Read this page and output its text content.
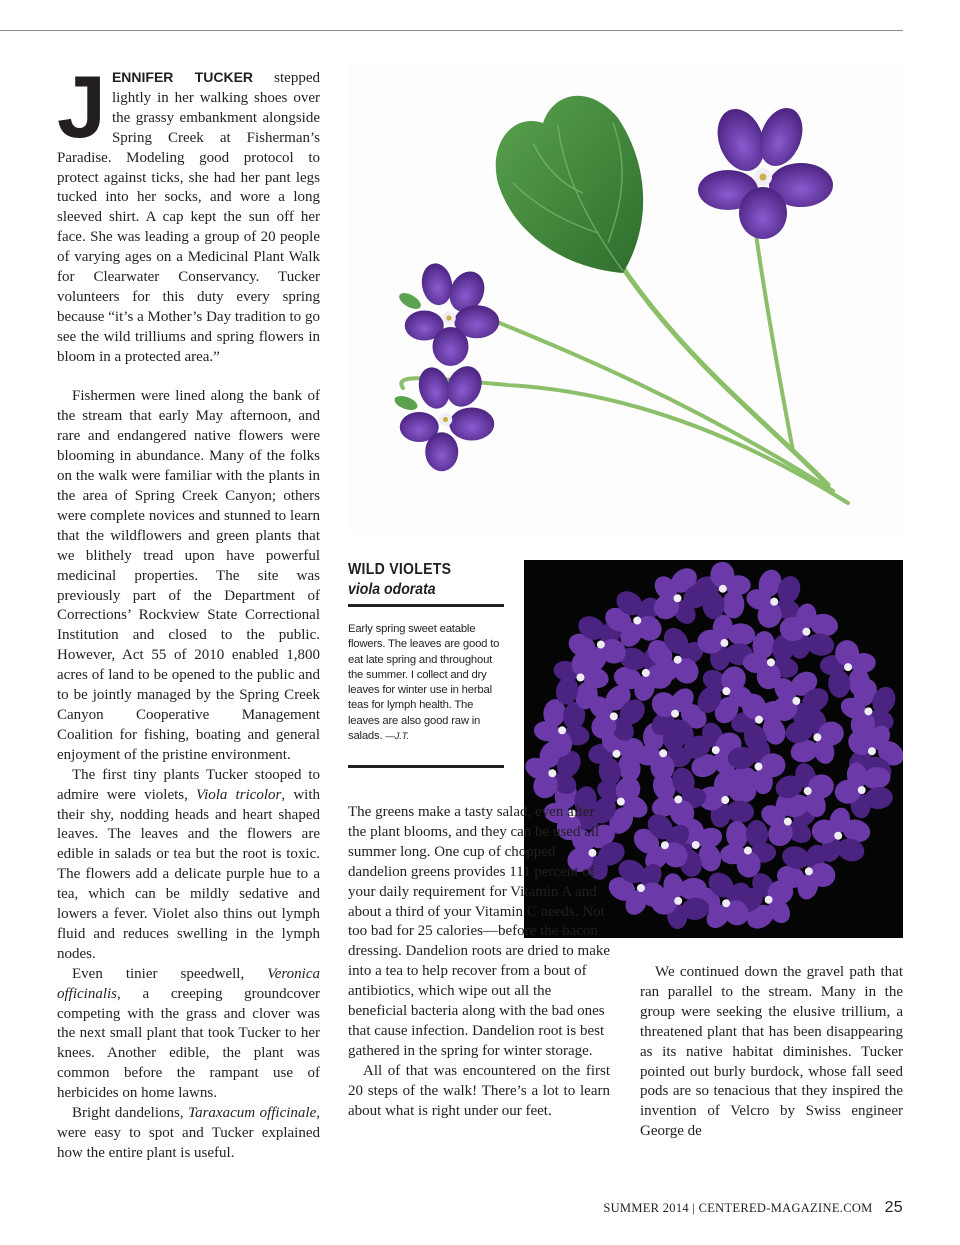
JENNIFER TUCKER stepped lightly in her walking shoes over the grassy embankment alongside Spring Creek at Fisherman’s Paradise. Modeling good protocol to protect against ticks, she had her pant legs tucked into her socks, and wore a long sleeved shirt. A cap kept the sun off her face. She was leading a group of 20 people of varying ages on a Medicinal Plant Walk for Clearwater Conservancy. Tucker volunteers for this duty every spring because “it’s a Mother’s Day tradition to go see the wild trilliums and spring flowers in bloom in a protected area.”

Fishermen were lined along the bank of the stream that early May afternoon, and rare and endangered native flowers were blooming in abundance. Many of the folks on the walk were familiar with the plants in the area of Spring Creek Canyon; others were complete novices and stunned to learn that the wildflowers and green plants that we blithely tread upon have powerful medicinal properties. The site was previously part of the Department of Corrections’ Rockview State Correctional Institution and closed to the public. However, Act 55 of 2010 enabled 1,800 acres of land to be opened to the public and to be jointly managed by the Spring Creek Canyon Cooperative Management Coalition for fishing, boating and general enjoyment of the pristine environment.

The first tiny plants Tucker stooped to admire were violets, Viola tricolor, with their shy, nodding heads and heart shaped leaves. The leaves and the flowers are edible in salads or tea but the root is toxic. The flowers add a delicate purple hue to a tea, which can be mildly sedative and lowers a fever. Violet also thins out lymph fluid and reduces swelling in the lymph nodes.

Even tinier speedwell, Veronica officinalis, a creeping groundcover competing with the grass and clover was the next small plant that took Tucker to her knees. Another edible, the plant was common before the rampant use of herbicides on home lawns.

Bright dandelions, Taraxacum officinale, were easy to spot and Tucker explained how the entire plant is useful.

WILD VIOLETS
viola odorata
Early spring sweet eatable flowers. The leaves are good to eat late spring and throughout the summer. I collect and dry leaves for winter use in herbal teas for lymph health. The leaves are also good raw in salads. —J.T.

The greens make a tasty salad, even after the plant blooms, and they can be used all summer long. One cup of chopped dandelion greens provides 111 percent of your daily requirement for Vitamin A and about a third of your Vitamin C needs. Not too bad for 25 calories—before the bacon dressing. Dandelion roots are dried to make into a tea to help recover from a bout of antibiotics, which wipe out all the beneficial bacteria along with the bad ones that cause infection. Dandelion root is best gathered in the spring for winter storage.

All of that was encountered on the first 20 steps of the walk! There’s a lot to learn about what is right under our feet.

We continued down the gravel path that ran parallel to the stream. Many in the group were seeking the elusive trillium, a threatened plant that has been disappearing as its native habitat diminishes. Tucker pointed out burly burdock, whose fall seed pods are so tenacious that they inspired the invention of Velcro by Swiss engineer George de

SUMMER 2014 | CENTERED-MAGAZINE.COM 25
